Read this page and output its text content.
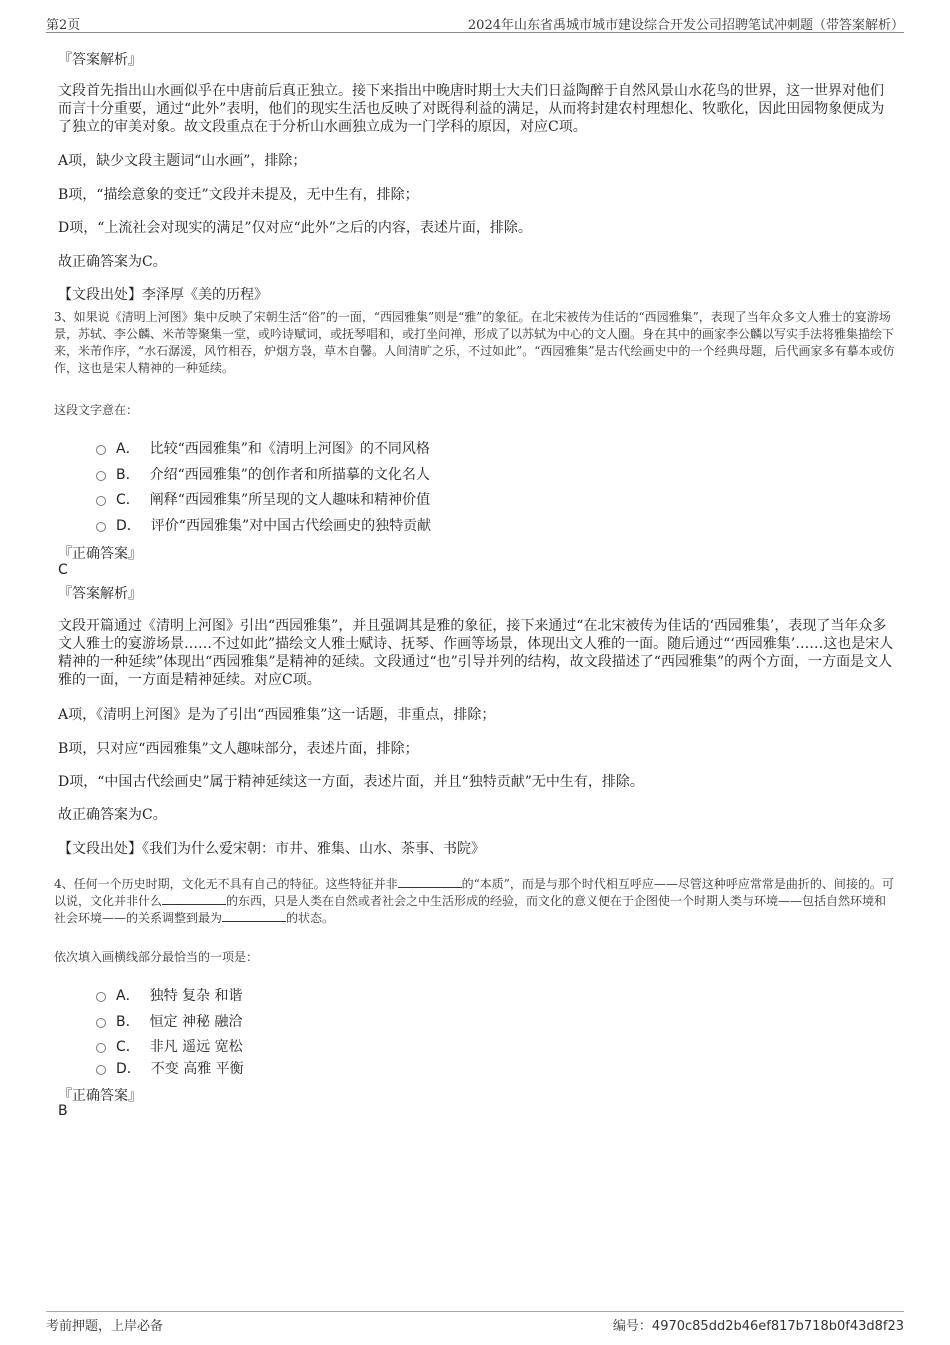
第2页	2024年山东省禹城市城市建设综合开发公司招聘笔试冲刺题（带答案解析）
『答案解析』
文段首先指出山水画似乎在中唐前后真正独立。接下来指出中晚唐时期士大夫们日益陶醉于自然风景山水花鸟的世界，这一世界对他们而言十分重要，通过“此外”表明，他们的现实生活也反映了对既得利益的满足，从而将封建农村理想化、牧歌化，因此田园物象便成为了独立的审美对象。故文段重点在于分析山水画独立成为一门学科的原因，对应C项。
A项，缺少文段主题词“山水画”，排除；
B项，“描绘意象的变迁”文段并未提及，无中生有，排除；
D项，“上流社会对现实的满足”仅对应“此外”之后的内容，表述片面，排除。
故正确答案为C。
【文段出处】李泽厚《美的历程》
3、如果说《清明上河图》集中反映了宋朝生活“俗”的一面，“西园雅集”则是“雅”的象征。在北宋被传为佳话的“西园雅集”，表现了当年众多文人雅士的宴游场景，苏轼、李公麟、米芾等聚集一堂，或吟诗赋词，或抚琴唱和，或打坐问禅，形成了以苏轼为中心的文人圈。身在其中的画家李公麟以写实手法将雅集描绘下来，米芾作序，“水石潺湲，风竹相吞，炉烟方袅，草木自馨。人间清旷之乐，不过如此”。“西园雅集”是古代绘画史中的一个经典母题，后代画家多有摹本或仿作，这也是宋人精神的一种延续。
这段文字意在：
A． 比较“西园雅集”和《清明上河图》的不同风格
B． 介绍“西园雅集”的创作者和所描摹的文化名人
C． 阐释“西园雅集”所呈现的文人趣味和精神价值
D． 评价“西园雅集”对中国古代绘画史的独特贡献
『正确答案』
C
『答案解析』
文段开篇通过《清明上河图》引出“西园雅集”，并且强调其是雅的象征，接下来通过“在北宋被传为佳话的‘西园雅集’，表现了当年众多文人雅士的宴游场景……不过如此”描绘文人雅士赋诗、抚琴、作画等场景，体现出文人雅的一面。随后通过“‘西园雅集’……这也是宋人精神的一种延续”体现出“西园雅集”是精神的延续。文段通过“也”引导并列的结构，故文段描述了“西园雅集”的两个方面，一方面是文人雅的一面，一方面是精神延续。对应C项。
A项，《清明上河图》是为了引出“西园雅集”这一话题，非重点，排除；
B项，只对应“西园雅集”文人趣味部分，表述片面，排除；
D项，“中国古代绘画史”属于精神延续这一方面，表述片面，并且“独特贡献”无中生有，排除。
故正确答案为C。
【文段出处】《我们为什么爱宋朝：市井、雅集、山水、茶事、书院》
4、任何一个历史时期，文化无不具有自己的特征。这些特征并非	的“本质”，而是与那个时代相互呼应——尽管这种呼应常常是曲折的、间接的。可以说，文化并非什么	的东西，只是人类在自然或者社会之中生活形成的经验，而文化的意义便在于企图使一个时期人类与环境——包括自然环境和社会环境——的关系调整到最为	的状态。
依次填入画横线部分最恰当的一项是：
A． 独特 复杂 和谐
B． 恒定 神秘 融洽
C． 非凡 遥远 宽松
D． 不变 高雅 平衡
『正确答案』
B
考前押题，上岸必备	编号：4970c85dd2b46ef817b718b0f43d8f23
